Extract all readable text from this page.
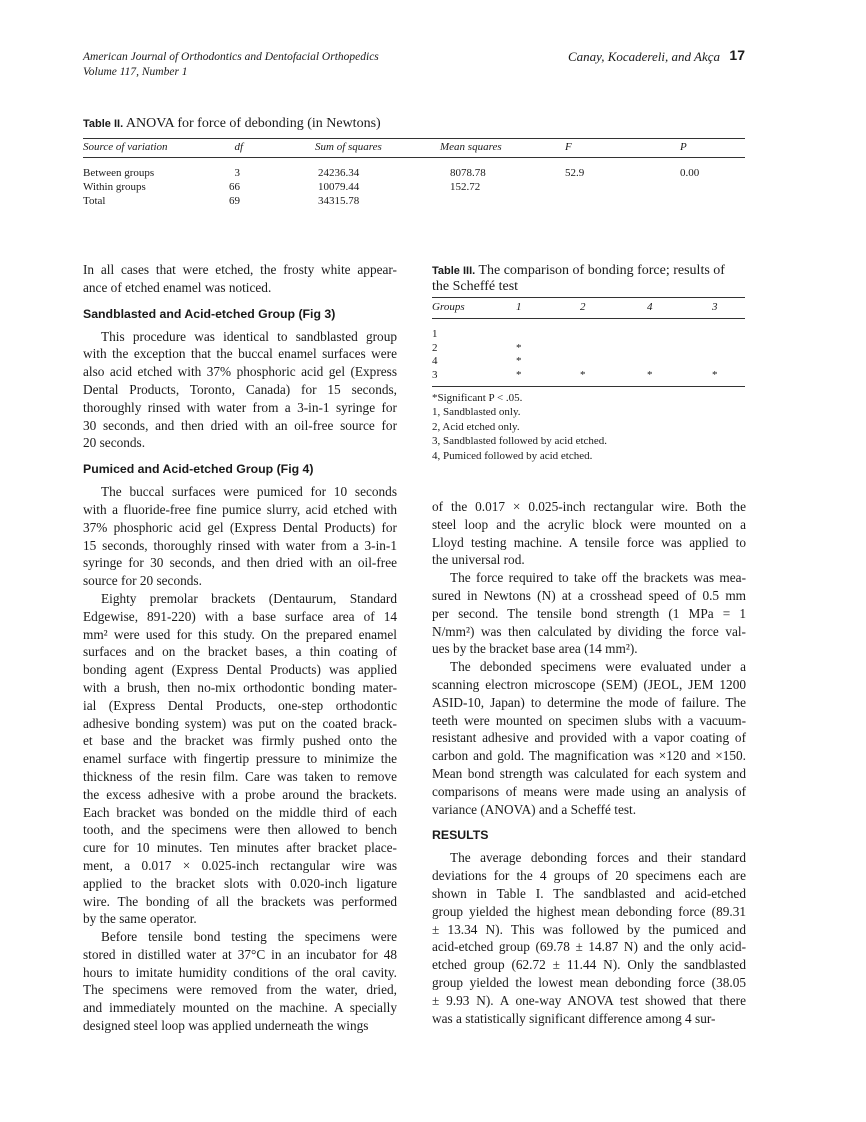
American Journal of Orthodontics and Dentofacial Orthopedics
Volume 117, Number 1
Canay, Kocadereli, and Akça 17
Table II. ANOVA for force of debonding (in Newtons)
Source of variation	df	Sum of squares	Mean squares	F	P
Between groups	3	24236.34	8078.78	52.9	0.00
Within groups	66	10079.44	152.72
Total	69	34315.78
Table III. The comparison of bonding force; results of
the Scheffé test
Groups	1	2	4	3
1
2	*
4	*
3	*	*	*	*
*Significant P < .05.
1, Sandblasted only.
2, Acid etched only.
3, Sandblasted followed by acid etched.
4, Pumiced followed by acid etched.
In all cases that were etched, the frosty white appear-
ance of etched enamel was noticed.
Sandblasted and Acid-etched Group (Fig 3)
This procedure was identical to sandblasted group
with the exception that the buccal enamel surfaces were
also acid etched with 37% phosphoric acid gel (Express
Dental Products, Toronto, Canada) for 15 seconds,
thoroughly rinsed with water from a 3-in-1 syringe for
30 seconds, and then dried with an oil-free source for
20 seconds.
Pumiced and Acid-etched Group (Fig 4)
The buccal surfaces were pumiced for 10 seconds
with a fluoride-free fine pumice slurry, acid etched with
37% phosphoric acid gel (Express Dental Products) for
15 seconds, thoroughly rinsed with water from a 3-in-1
syringe for 30 seconds, and then dried with an oil-free
source for 20 seconds.
Eighty premolar brackets (Dentaurum, Standard
Edgewise, 891-220) with a base surface area of 14
mm² were used for this study. On the prepared enamel
surfaces and on the bracket bases, a thin coating of
bonding agent (Express Dental Products) was applied
with a brush, then no-mix orthodontic bonding mater-
ial (Express Dental Products, one-step orthodontic
adhesive bonding system) was put on the coated brack-
et base and the bracket was firmly pushed onto the
enamel surface with fingertip pressure to minimize the
thickness of the resin film. Care was taken to remove
the excess adhesive with a probe around the brackets.
Each bracket was bonded on the middle third of each
tooth, and the specimens were then allowed to bench
cure for 10 minutes. Ten minutes after bracket place-
ment, a 0.017 × 0.025-inch rectangular wire was
applied to the bracket slots with 0.020-inch ligature
wire. The bonding of all the brackets was performed
by the same operator.
Before tensile bond testing the specimens were
stored in distilled water at 37°C in an incubator for 48
hours to imitate humidity conditions of the oral cavity.
The specimens were removed from the water, dried,
and immediately mounted on the machine. A specially
designed steel loop was applied underneath the wings
of the 0.017 × 0.025-inch rectangular wire. Both the
steel loop and the acrylic block were mounted on a
Lloyd testing machine. A tensile force was applied to
the universal rod.
The force required to take off the brackets was mea-
sured in Newtons (N) at a crosshead speed of 0.5 mm
per second. The tensile bond strength (1 MPa = 1
N/mm²) was then calculated by dividing the force val-
ues by the bracket base area (14 mm²).
The debonded specimens were evaluated under a
scanning electron microscope (SEM) (JEOL, JEM 1200
ASID-10, Japan) to determine the mode of failure. The
teeth were mounted on specimen slubs with a vacuum-
resistant adhesive and provided with a vapor coating of
carbon and gold. The magnification was ×120 and ×150.
Mean bond strength was calculated for each system and
comparisons of means were made using an analysis of
variance (ANOVA) and a Scheffé test.
RESULTS
The average debonding forces and their standard
deviations for the 4 groups of 20 specimens each are
shown in Table I. The sandblasted and acid-etched
group yielded the highest mean debonding force (89.31
± 13.34 N). This was followed by the pumiced and
acid-etched group (69.78 ± 14.87 N) and the only acid-
etched group (62.72 ± 11.44 N). Only the sandblasted
group yielded the lowest mean debonding force (38.05
± 9.93 N). A one-way ANOVA test showed that there
was a statistically significant difference among 4 sur-
